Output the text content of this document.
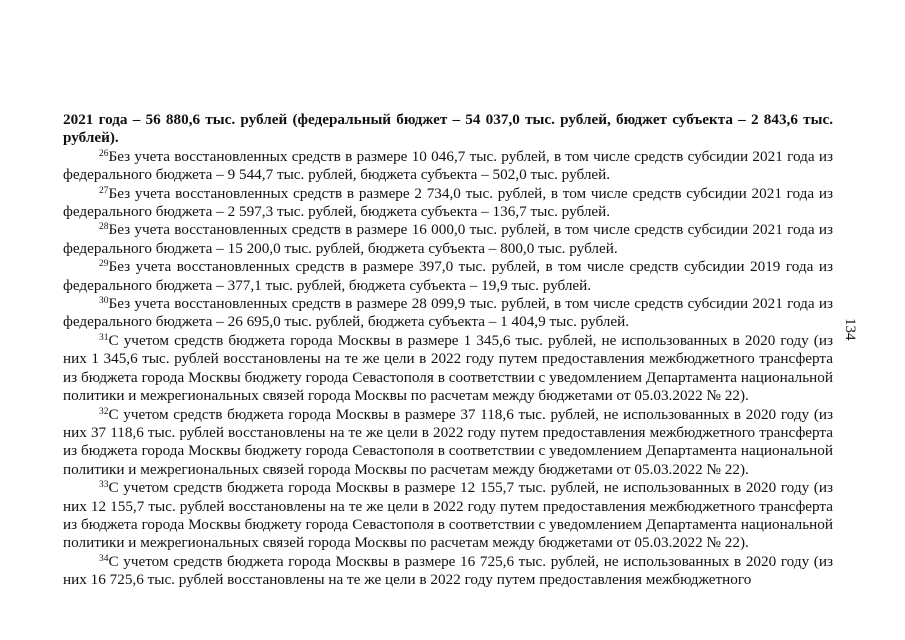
2021 года – 56 880,6 тыс. рублей (федеральный бюджет – 54 037,0 тыс. рублей, бюджет субъекта – 2 843,6 тыс. рублей).

$^{26}$Без учета восстановленных средств в размере 10 046,7 тыс. рублей, в том числе средств субсидии 2021 года из федерального бюджета – 9 544,7 тыс. рублей, бюджета субъекта – 502,0 тыс. рублей.

$^{27}$Без учета восстановленных средств в размере 2 734,0 тыс. рублей, в том числе средств субсидии 2021 года из федерального бюджета – 2 597,3 тыс. рублей, бюджета субъекта – 136,7 тыс. рублей.

$^{28}$Без учета восстановленных средств в размере 16 000,0 тыс. рублей, в том числе средств субсидии 2021 года из федерального бюджета – 15 200,0 тыс. рублей, бюджета субъекта – 800,0 тыс. рублей.

$^{29}$Без учета восстановленных средств в размере 397,0 тыс. рублей, в том числе средств субсидии 2019 года из федерального бюджета – 377,1 тыс. рублей, бюджета субъекта – 19,9 тыс. рублей.

$^{30}$Без учета восстановленных средств в размере 28 099,9 тыс. рублей, в том числе средств субсидии 2021 года из федерального бюджета – 26 695,0 тыс. рублей, бюджета субъекта – 1 404,9 тыс. рублей.

$^{31}$С учетом средств бюджета города Москвы в размере 1 345,6 тыс. рублей, не использованных в 2020 году (из них 1 345,6 тыс. рублей восстановлены на те же цели в 2022 году путем предоставления межбюджетного трансферта из бюджета города Москвы бюджету города Севастополя в соответствии с уведомлением Департамента национальной политики и межрегиональных связей города Москвы по расчетам между бюджетами от 05.03.2022 № 22).

$^{32}$С учетом средств бюджета города Москвы в размере 37 118,6 тыс. рублей, не использованных в 2020 году (из них 37 118,6 тыс. рублей восстановлены на те же цели в 2022 году путем предоставления межбюджетного трансферта из бюджета города Москвы бюджету города Севастополя в соответствии с уведомлением Департамента национальной политики и межрегиональных связей города Москвы по расчетам между бюджетами от 05.03.2022 № 22).

$^{33}$С учетом средств бюджета города Москвы в размере 12 155,7 тыс. рублей, не использованных в 2020 году (из них 12 155,7 тыс. рублей восстановлены на те же цели в 2022 году путем предоставления межбюджетного трансферта из бюджета города Москвы бюджету города Севастополя в соответствии с уведомлением Департамента национальной политики и межрегиональных связей города Москвы по расчетам между бюджетами от 05.03.2022 № 22).

$^{34}$С учетом средств бюджета города Москвы в размере 16 725,6 тыс. рублей, не использованных в 2020 году (из них 16 725,6 тыс. рублей восстановлены на те же цели в 2022 году путем предоставления межбюджетного

134
